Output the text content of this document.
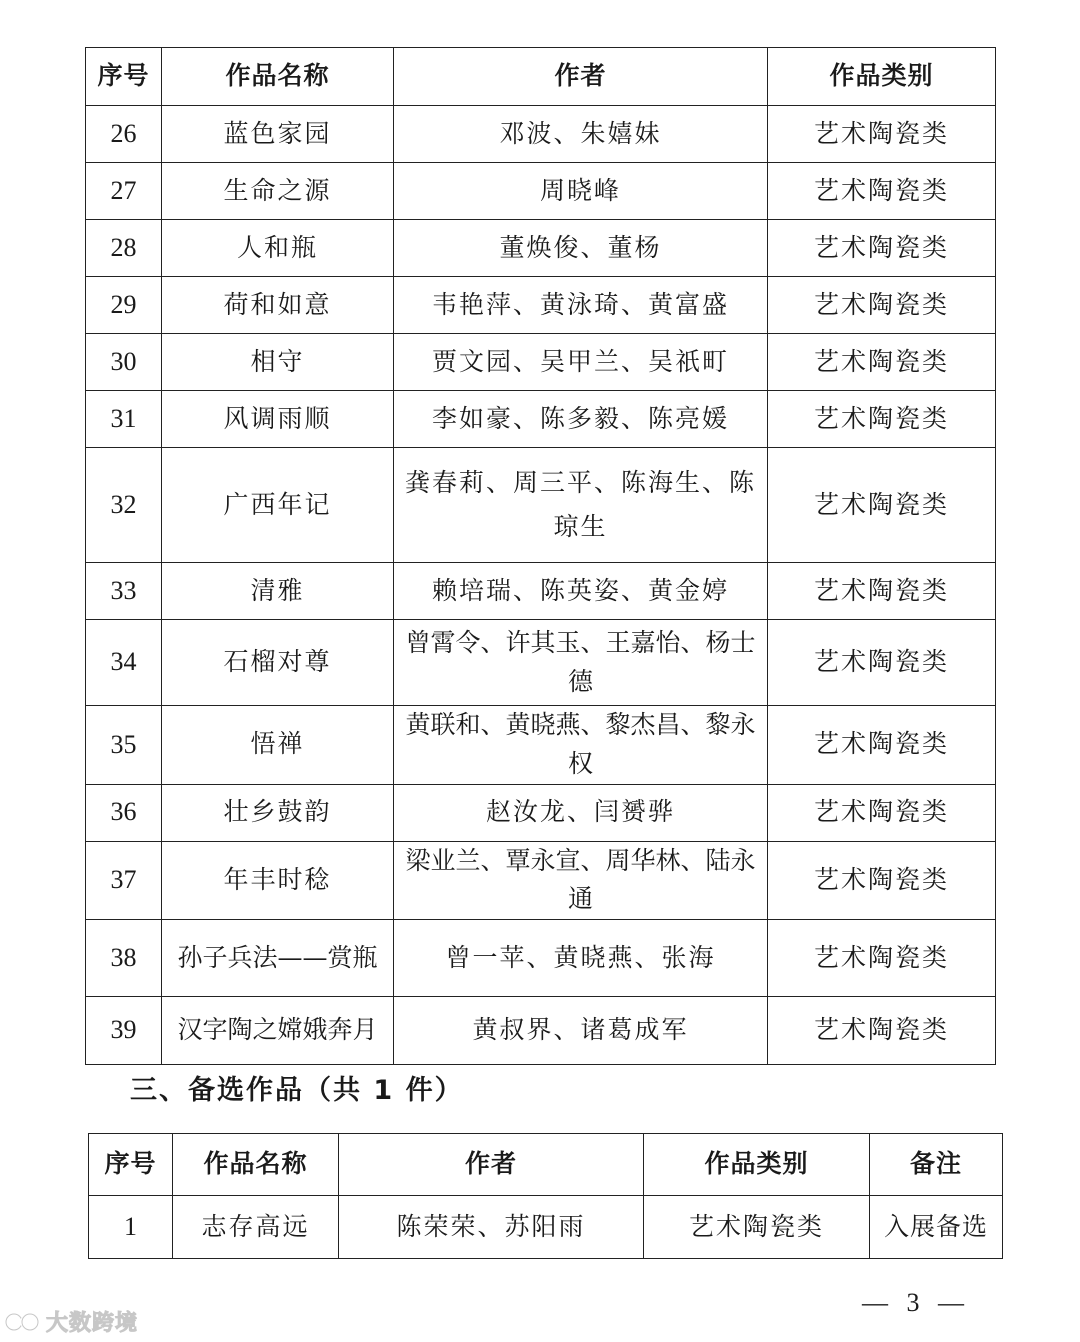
序号	作品名称	作者	作品类别
26	蓝色家园	邓波、朱嬉妹	艺术陶瓷类
27	生命之源	周晓峰	艺术陶瓷类
28	人和瓶	董焕俊、董杨	艺术陶瓷类
29	荷和如意	韦艳萍、黄泳琦、黄富盛	艺术陶瓷类
30	相守	贾文园、吴甲兰、吴祇町	艺术陶瓷类
31	风调雨顺	李如豪、陈多毅、陈亮媛	艺术陶瓷类
32	广西年记	龚春莉、周三平、陈海生、陈琼生	艺术陶瓷类
33	清雅	赖培瑞、陈英姿、黄金婷	艺术陶瓷类
34	石榴对尊	曾霄令、许其玉、王嘉怡、杨士德	艺术陶瓷类
35	悟禅	黄联和、黄晓燕、黎杰昌、黎永权	艺术陶瓷类
36	壮乡鼓韵	赵汝龙、闫赟骅	艺术陶瓷类
37	年丰时稔	梁业兰、覃永宣、周华林、陆永通	艺术陶瓷类
38	孙子兵法——赏瓶	曾一苹、黄晓燕、张海	艺术陶瓷类
39	汉字陶之嫦娥奔月	黄叔界、诸葛成军	艺术陶瓷类
三、备选作品（共 1 件）
序号	作品名称	作者	作品类别	备注
1	志存高远	陈荣荣、苏阳雨	艺术陶瓷类	入展备选
— 3 —
大数跨境
